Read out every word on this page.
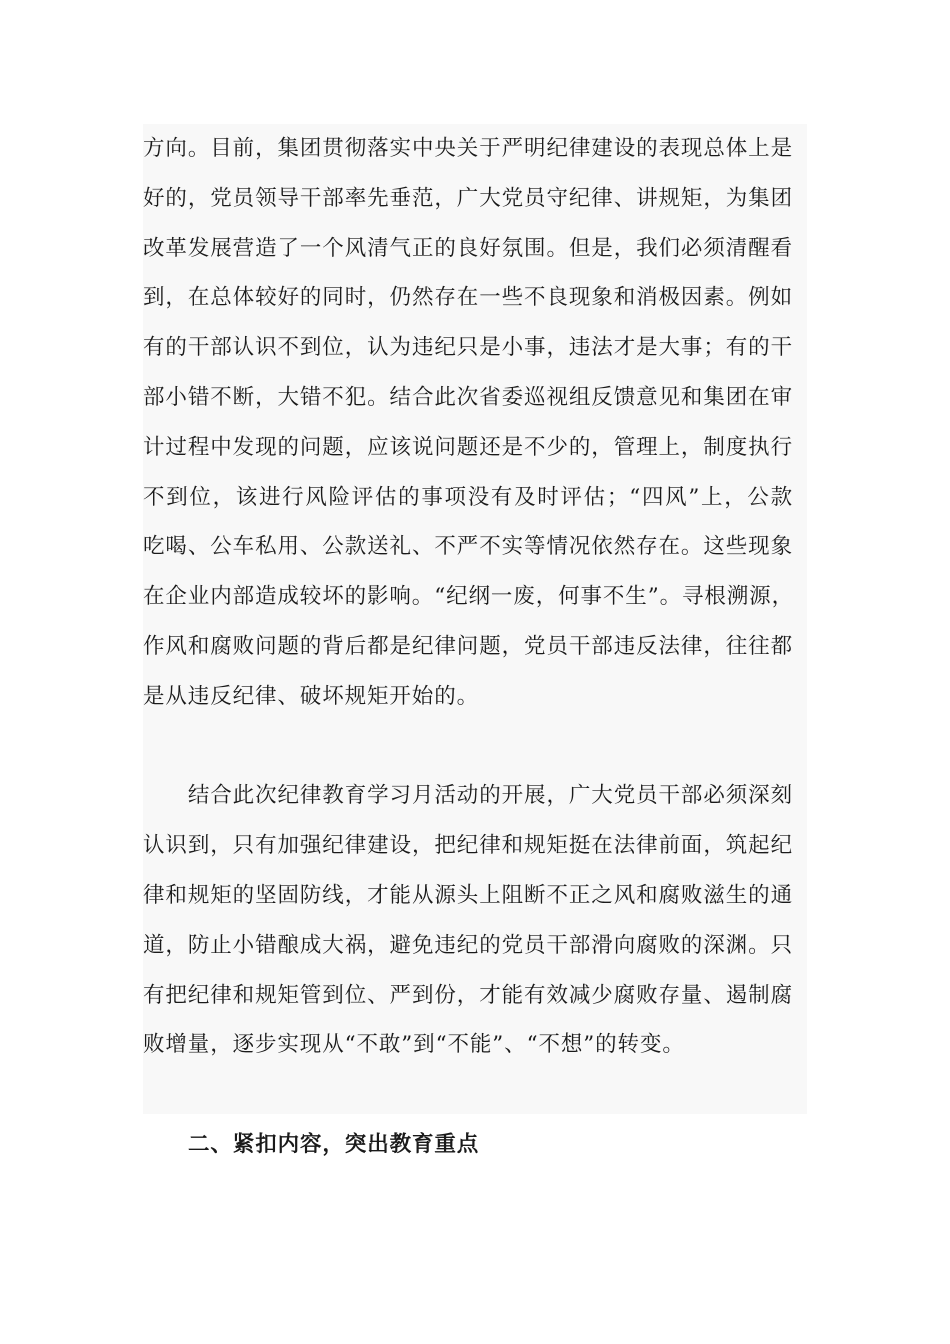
方向。目前，集团贯彻落实中央关于严明纪律建设的表现总体上是
好的，党员领导干部率先垂范，广大党员守纪律、讲规矩，为集团
改革发展营造了一个风清气正的良好氛围。但是，我们必须清醒看
到，在总体较好的同时，仍然存在一些不良现象和消极因素。例如
有的干部认识不到位，认为违纪只是小事，违法才是大事；有的干
部小错不断，大错不犯。结合此次省委巡视组反馈意见和集团在审
计过程中发现的问题，应该说问题还是不少的，管理上，制度执行
不到位，该进行风险评估的事项没有及时评估；“四风”上，公款
吃喝、公车私用、公款送礼、不严不实等情况依然存在。这些现象
在企业内部造成较坏的影响。“纪纲一废，何事不生”。寻根溯源，
作风和腐败问题的背后都是纪律问题，党员干部违反法律，往往都
是从违反纪律、破坏规矩开始的。
　　结合此次纪律教育学习月活动的开展，广大党员干部必须深刻
认识到，只有加强纪律建设，把纪律和规矩挺在法律前面，筑起纪
律和规矩的坚固防线，才能从源头上阻断不正之风和腐败滋生的通
道，防止小错酿成大祸，避免违纪的党员干部滑向腐败的深渊。只
有把纪律和规矩管到位、严到份，才能有效减少腐败存量、遏制腐
败增量，逐步实现从“不敢”到“不能”、“不想”的转变。
二、紧扣内容，突出教育重点
